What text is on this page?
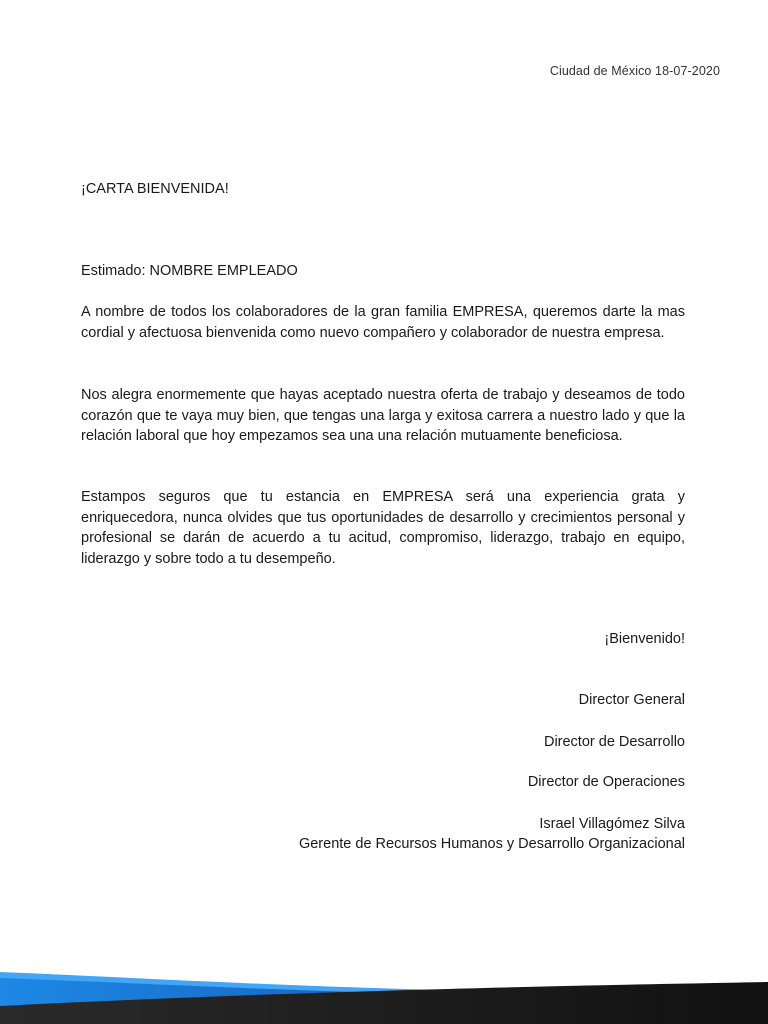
Ciudad de México 18-07-2020
¡CARTA BIENVENIDA!
Estimado: NOMBRE EMPLEADO

A nombre de todos los colaboradores de la gran familia EMPRESA, queremos darte la mas cordial y afectuosa bienvenida como nuevo compañero y colaborador de nuestra empresa.

Nos alegra enormemente que hayas aceptado nuestra oferta de trabajo y deseamos de todo corazón que te vaya muy bien, que tengas una larga y exitosa carrera a nuestro lado y que la relación laboral que hoy empezamos sea una una relación mutuamente beneficiosa.

Estampos seguros que tu estancia en EMPRESA será una experiencia grata y enriquecedora, nunca olvides que tus oportunidades de desarrollo y crecimientos personal y profesional se darán de acuerdo a tu acitud, compromiso, liderazgo, trabajo en equipo, liderazgo y sobre todo a tu desempeño.

¡Bienvenido!
Director General
Director de Desarrollo
Director de Operaciones
Israel Villagómez Silva
Gerente de Recursos Humanos y Desarrollo Organizacional
